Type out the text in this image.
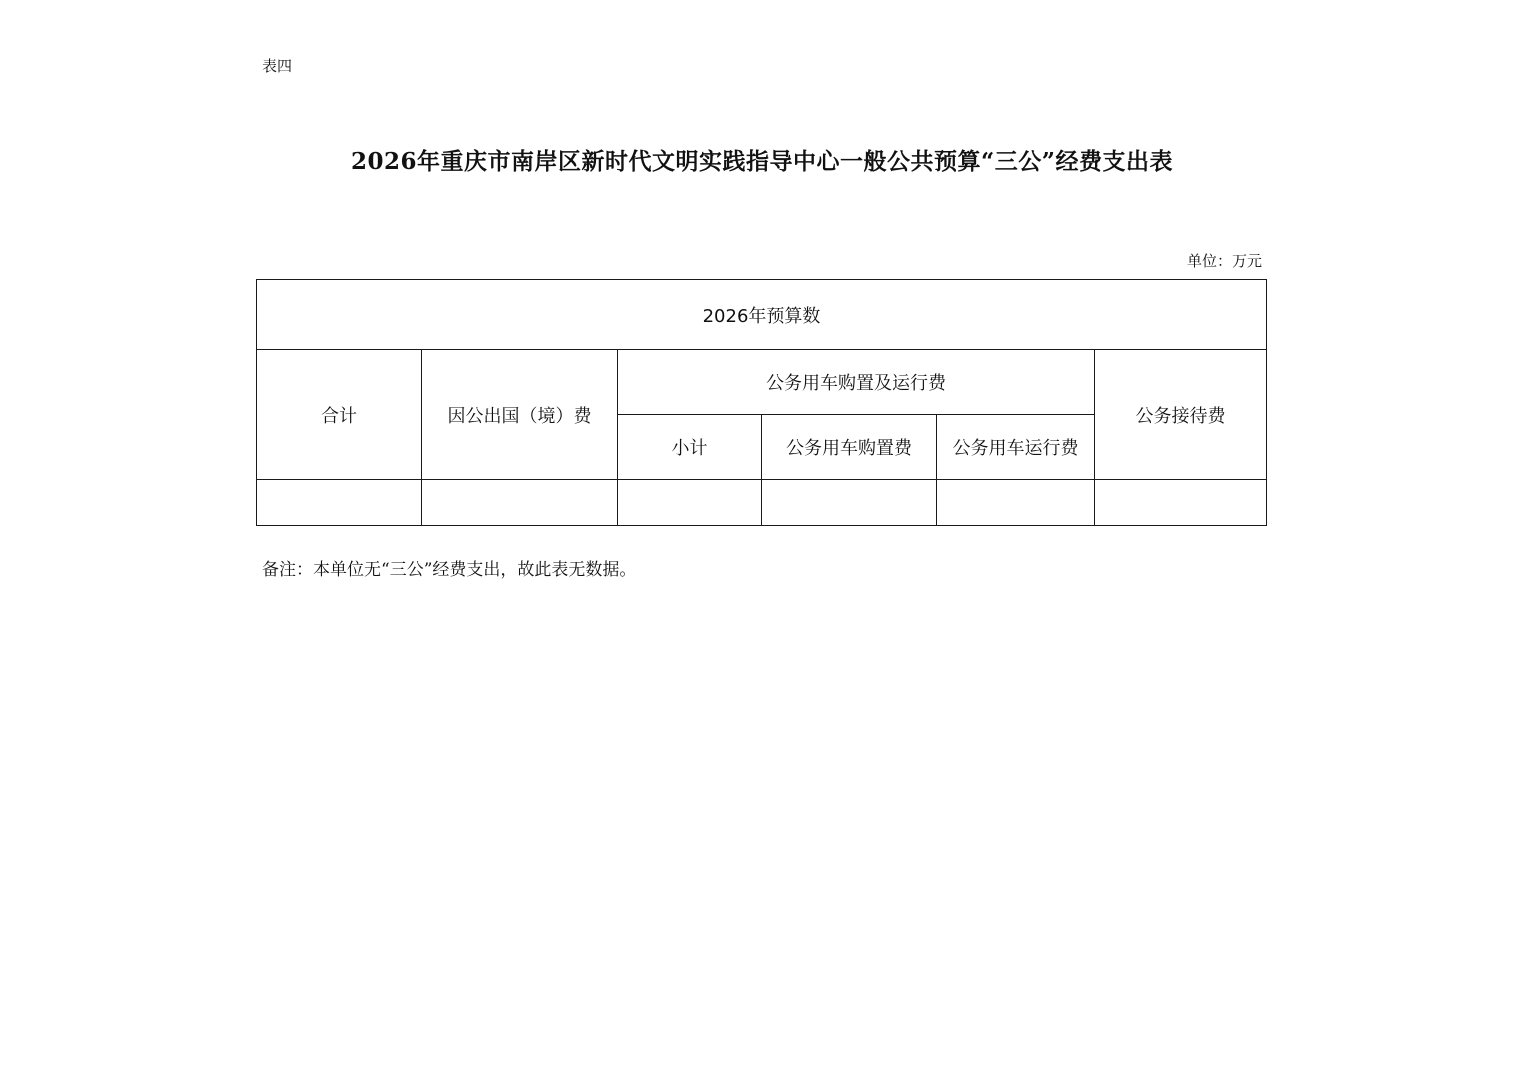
表四
2026年重庆市南岸区新时代文明实践指导中心一般公共预算“三公”经费支出表
单位：万元
2026年预算数					
合计	因公出国（境）费	公务用车购置及运行费			公务接待费
		小计	公务用车购置费	公务用车运行费	

备注：本单位无“三公”经费支出，故此表无数据。
